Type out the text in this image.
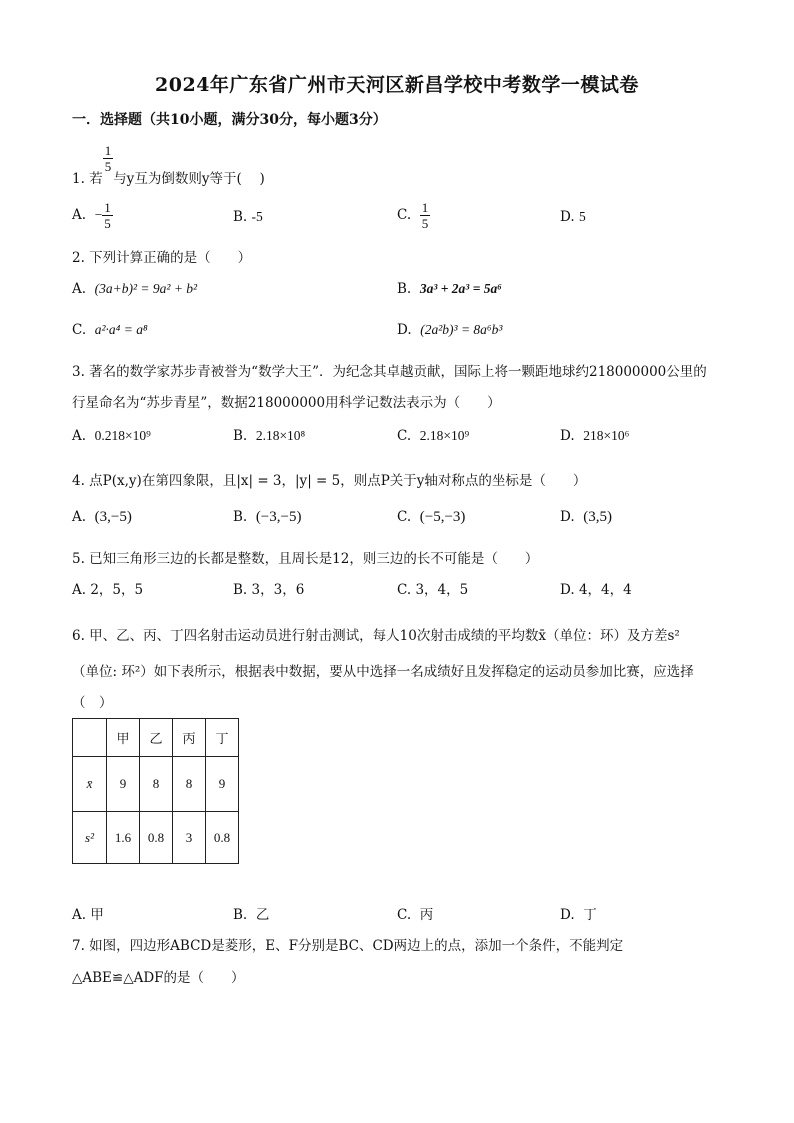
2024年广东省广州市天河区新昌学校中考数学一模试卷
一．选择题（共10小题，满分30分，每小题3分）
1. 若
$\frac{1}{5}$
与y互为倒数则y等于(　 )
A. − $\frac{1}{5}$	B. -5	C. $\frac{1}{5}$	D. 5
2. 下列计算正确的是（　　）
A. (3a+b)² = 9a² + b²	B. 3a³ + 2a³ = 5a⁶
C. a²·a⁴ = a⁸	D. (2a²b)³ = 8a⁶b³
3. 著名的数学家苏步青被誉为“数学大王”．为纪念其卓越贡献，国际上将一颗距地球约218000000公里的
行星命名为“苏步青星”，数据218000000用科学记数法表示为（　　）
A. 0.218×10⁹	B. 2.18×10⁸	C. 2.18×10⁹	D. 218×10⁶
4. 点P(x,y)在第四象限，且|x| = 3，|y| = 5，则点P关于y轴对称点的坐标是（　　）
A. (3,−5)	B. (−3,−5)	C. (−5,−3)	D. (3,5)
5. 已知三角形三边的长都是整数，且周长是12，则三边的长不可能是（　　）
A. 2，5，5	B. 3，3，6	C. 3，4，5	D. 4，4，4
6. 甲、乙、丙、丁四名射击运动员进行射击测试，每人10次射击成绩的平均数x̄（单位：环）及方差s²
（单位: 环²）如下表所示，根据表中数据，要从中选择一名成绩好且发挥稳定的运动员参加比赛，应选择
（　）
	甲	乙	丙	丁
x̄	9	8	8	9
s²	1.6	0.8	3	0.8
A. 甲	B. 乙	C. 丙	D. 丁
7. 如图，四边形ABCD是菱形，E、F分别是BC、CD两边上的点，添加一个条件，不能判定
△ABE≌△ADF的是（　　）
